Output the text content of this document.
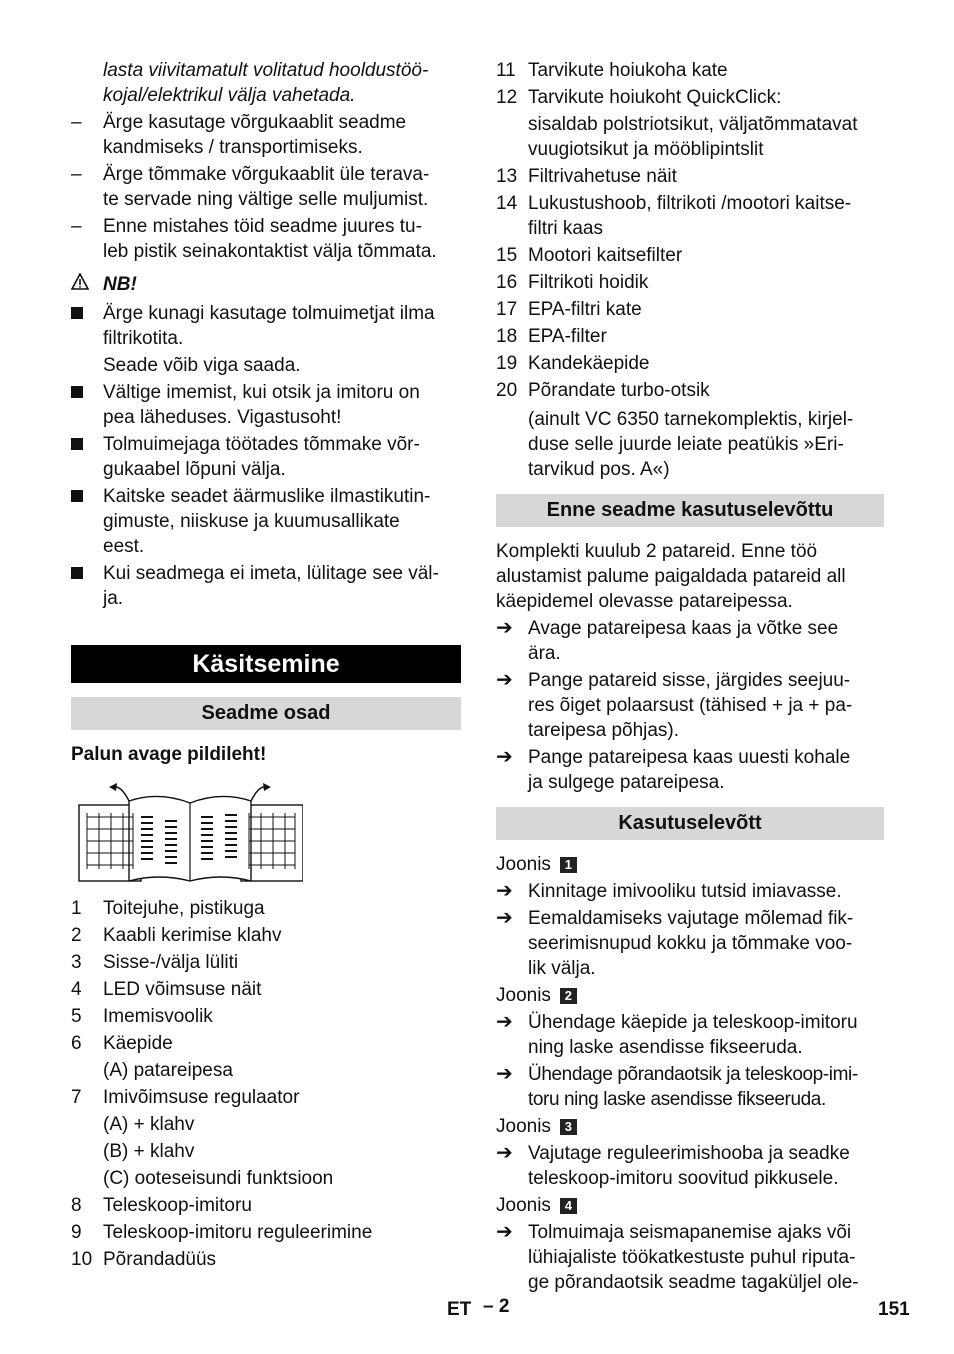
lasta viivitamatult volitatud hooldustöö-
kojal/elektrikul välja vahetada.
–	Ärge kasutage võrgukaablit seadme
kandmiseks / transportimiseks.
–	Ärge tõmmake võrgukaablit üle terava-
te servade ning vältige selle muljumist.
–	Enne mistahes töid seadme juures tu-
leb pistik seinakontaktist välja tõmmata.
NB!
Ärge kunagi kasutage tolmuimetjat ilma
filtrikotita.
Seade võib viga saada.
Vältige imemist, kui otsik ja imitoru on
pea läheduses. Vigastusoht!
Tolmuimejaga töötades tõmmake võr-
gukaabel lõpuni välja.
Kaitske seadet äärmuslike ilmastikutin-
gimuste, niiskuse ja kuumusallikate
eest.
Kui seadmega ei imeta, lülitage see väl-
ja.
Käsitsemine
Seadme osad
Palun avage pildileht!
1	Toitejuhe, pistikuga
2	Kaabli kerimise klahv
3	Sisse-/välja lüliti
4	LED võimsuse näit
5	Imemisvoolik
6	Käepide
(A) patareipesa
7	Imivõimsuse regulaator
(A) + klahv
(B) + klahv
(C) ooteseisundi funktsioon
8	Teleskoop-imitoru
9	Teleskoop-imitoru reguleerimine
10 Põrandadüüs
11 Tarvikute hoiukoha kate
12 Tarvikute hoiukoht QuickClick:
sisaldab polstriotsikut, väljatõmmatavat
vuugiotsikut ja mööblipintslit
13 Filtrivahetuse näit
14 Lukustushoob, filtrikoti /mootori kaitse-
filtri kaas
15 Mootori kaitsefilter
16 Filtrikoti hoidik
17 EPA-filtri kate
18 EPA-filter
19 Kandekäepide
20 Põrandate turbo-otsik
(ainult VC 6350 tarnekomplektis, kirjel-
duse selle juurde leiate peatükis »Eri-
tarvikud pos. A«)
Enne seadme kasutuselevõttu
Komplekti kuulub 2 patareid. Enne töö
alustamist palume paigaldada patareid all
käepidemel olevasse patareipessa.
➔ Avage patareipesa kaas ja võtke see
ära.
➔ Pange patareid sisse, järgides seejuu-
res õiget polaarsust (tähised + ja + pa-
tareipesa põhjas).
➔ Pange patareipesa kaas uuesti kohale
ja sulgege patareipesa.
Kasutuselevõtt
Joonis	1
➔ Kinnitage imivooliku tutsid imiavasse.
➔ Eemaldamiseks vajutage mõlemad fik-
seerimisnupud kokku ja tõmmake voo-
lik välja.
Joonis	2
➔ Ühendage käepide ja teleskoop-imitoru
ning laske asendisse fikseeruda.
➔ Ühendage põrandaotsik ja teleskoop-imi-
toru ning laske asendisse fikseeruda.
Joonis	3
➔ Vajutage reguleerimishooba ja seadke
teleskoop-imitoru soovitud pikkusele.
Joonis	4
➔ Tolmuimaja seismapanemise ajaks või
lühiajaliste töökatkestuste puhul riputa-
ge põrandaotsik seadme tagaküljel ole-
ET – 2	151
